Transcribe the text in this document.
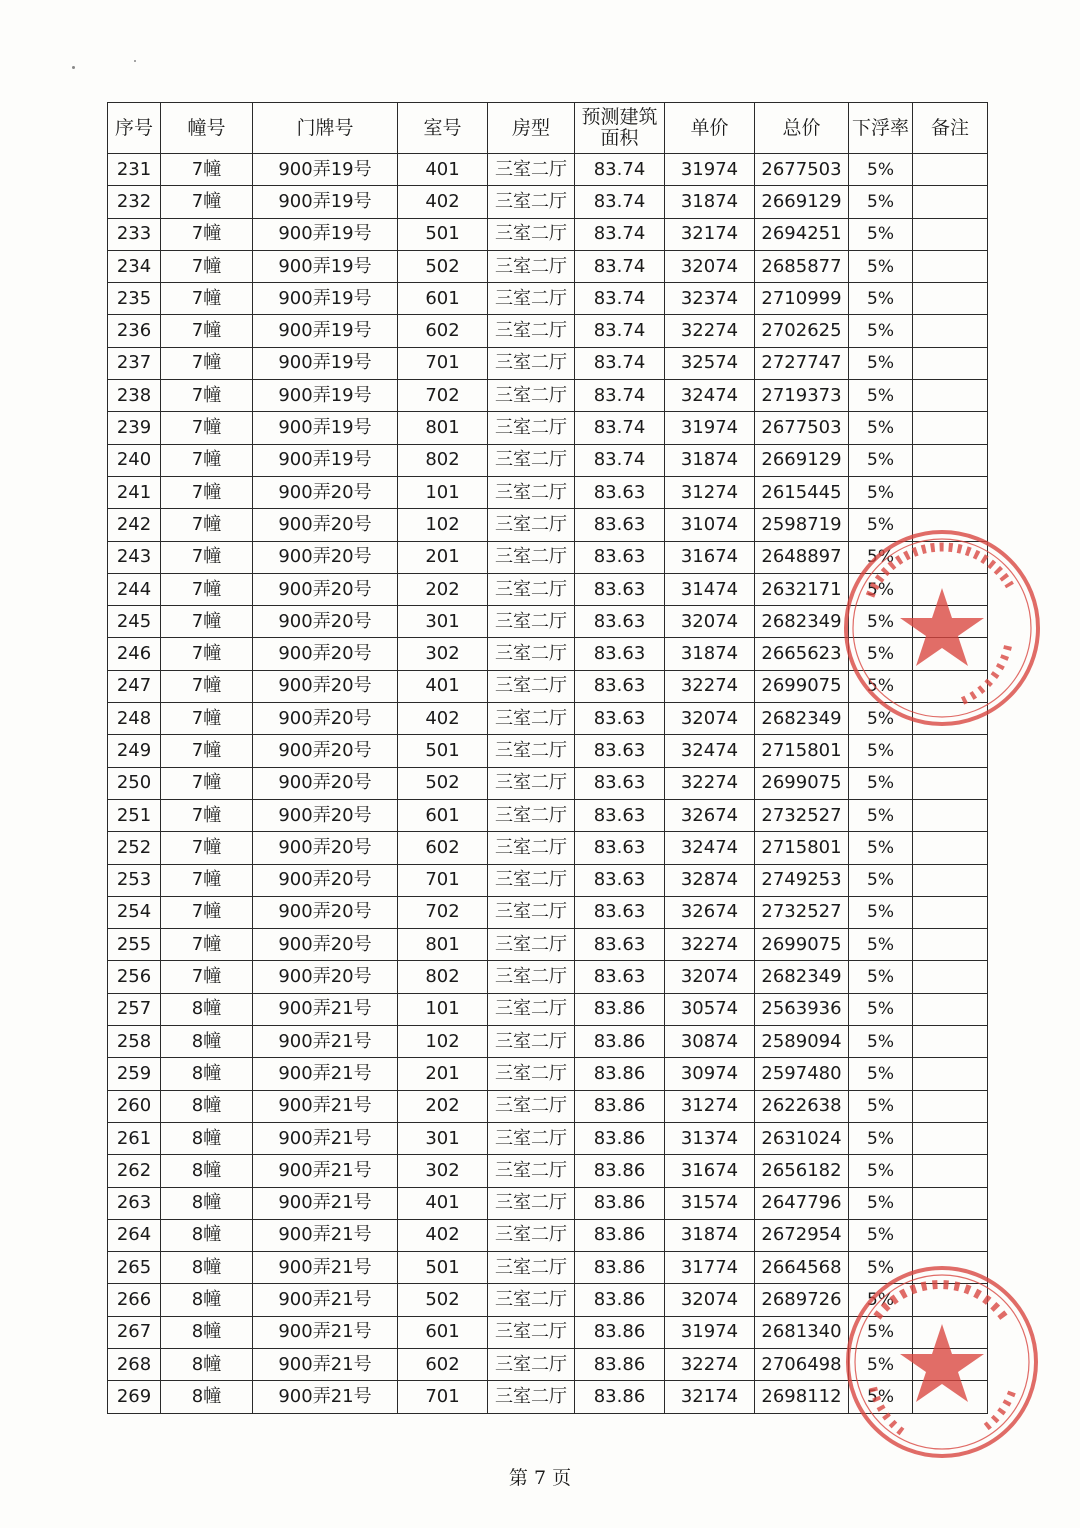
序号	幢号	门牌号	室号	房型	预测建筑面积	单价	总价	下浮率	备注
231	7幢	900弄19号	401	三室二厅	83.74	31974	2677503	5%	
232	7幢	900弄19号	402	三室二厅	83.74	31874	2669129	5%	
233	7幢	900弄19号	501	三室二厅	83.74	32174	2694251	5%	
234	7幢	900弄19号	502	三室二厅	83.74	32074	2685877	5%	
235	7幢	900弄19号	601	三室二厅	83.74	32374	2710999	5%	
236	7幢	900弄19号	602	三室二厅	83.74	32274	2702625	5%	
237	7幢	900弄19号	701	三室二厅	83.74	32574	2727747	5%	
238	7幢	900弄19号	702	三室二厅	83.74	32474	2719373	5%	
239	7幢	900弄19号	801	三室二厅	83.74	31974	2677503	5%	
240	7幢	900弄19号	802	三室二厅	83.74	31874	2669129	5%	
241	7幢	900弄20号	101	三室二厅	83.63	31274	2615445	5%	
242	7幢	900弄20号	102	三室二厅	83.63	31074	2598719	5%	
243	7幢	900弄20号	201	三室二厅	83.63	31674	2648897	5%	
244	7幢	900弄20号	202	三室二厅	83.63	31474	2632171	5%	
245	7幢	900弄20号	301	三室二厅	83.63	32074	2682349	5%	
246	7幢	900弄20号	302	三室二厅	83.63	31874	2665623	5%	
247	7幢	900弄20号	401	三室二厅	83.63	32274	2699075	5%	
248	7幢	900弄20号	402	三室二厅	83.63	32074	2682349	5%	
249	7幢	900弄20号	501	三室二厅	83.63	32474	2715801	5%	
250	7幢	900弄20号	502	三室二厅	83.63	32274	2699075	5%	
251	7幢	900弄20号	601	三室二厅	83.63	32674	2732527	5%	
252	7幢	900弄20号	602	三室二厅	83.63	32474	2715801	5%	
253	7幢	900弄20号	701	三室二厅	83.63	32874	2749253	5%	
254	7幢	900弄20号	702	三室二厅	83.63	32674	2732527	5%	
255	7幢	900弄20号	801	三室二厅	83.63	32274	2699075	5%	
256	7幢	900弄20号	802	三室二厅	83.63	32074	2682349	5%	
257	8幢	900弄21号	101	三室二厅	83.86	30574	2563936	5%	
258	8幢	900弄21号	102	三室二厅	83.86	30874	2589094	5%	
259	8幢	900弄21号	201	三室二厅	83.86	30974	2597480	5%	
260	8幢	900弄21号	202	三室二厅	83.86	31274	2622638	5%	
261	8幢	900弄21号	301	三室二厅	83.86	31374	2631024	5%	
262	8幢	900弄21号	302	三室二厅	83.86	31674	2656182	5%	
263	8幢	900弄21号	401	三室二厅	83.86	31574	2647796	5%	
264	8幢	900弄21号	402	三室二厅	83.86	31874	2672954	5%	
265	8幢	900弄21号	501	三室二厅	83.86	31774	2664568	5%	
266	8幢	900弄21号	502	三室二厅	83.86	32074	2689726	5%	
267	8幢	900弄21号	601	三室二厅	83.86	31974	2681340	5%	
268	8幢	900弄21号	602	三室二厅	83.86	32274	2706498	5%	
269	8幢	900弄21号	701	三室二厅	83.86	32174	2698112	5%	
第 7 页
